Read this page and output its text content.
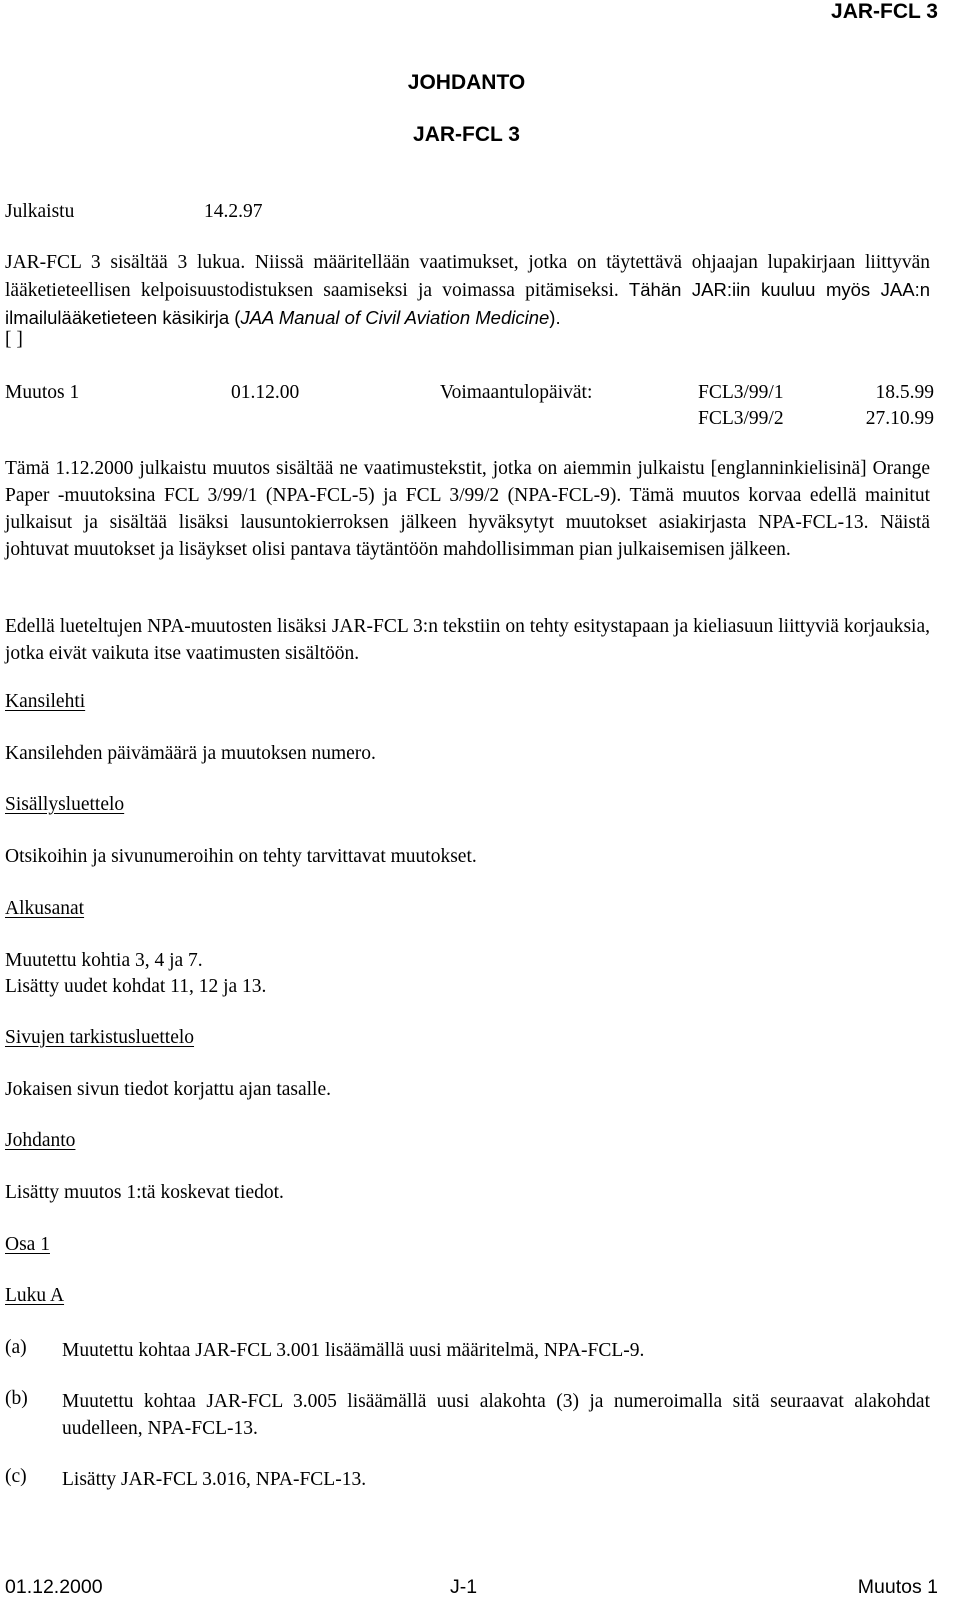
JAR-FCL 3
JOHDANTO
JAR-FCL 3
Julkaistu	14.2.97
JAR-FCL 3 sisältää 3 lukua. Niissä määritellään vaatimukset, jotka on täytettävä ohjaajan lupakirjaan liittyvän lääketieteellisen kelpoisuustodistuksen saamiseksi ja voimassa pitämiseksi. Tähän JAR:iin kuuluu myös JAA:n ilmailulääketieteen käsikirja (JAA Manual of Civil Aviation Medicine).
[ ]
Muutos 1	01.12.00	Voimaantulopäivät:	FCL3/99/1	18.5.99
FCL3/99/2	27.10.99
Tämä 1.12.2000 julkaistu muutos sisältää ne vaatimustekstit, jotka on aiemmin julkaistu [englanninkielisinä] Orange Paper -muutoksina FCL 3/99/1 (NPA-FCL-5) ja FCL 3/99/2 (NPA-FCL-9). Tämä muutos korvaa edellä mainitut julkaisut ja sisältää lisäksi lausuntokierroksen jälkeen hyväksytyt muutokset asiakirjasta NPA-FCL-13. Näistä johtuvat muutokset ja lisäykset olisi pantava täytäntöön mahdollisimman pian julkaisemisen jälkeen.
Edellä lueteltujen NPA-muutosten lisäksi JAR-FCL 3:n tekstiin on tehty esitystapaan ja kieliasuun liittyviä korjauksia, jotka eivät vaikuta itse vaatimusten sisältöön.
Kansilehti
Kansilehden päivämäärä ja muutoksen numero.
Sisällysluettelo
Otsikoihin ja sivunumeroihin on tehty tarvittavat muutokset.
Alkusanat
Muutettu kohtia 3, 4 ja 7.
Lisätty uudet kohdat 11, 12 ja 13.
Sivujen tarkistusluettelo
Jokaisen sivun tiedot korjattu ajan tasalle.
Johdanto
Lisätty muutos 1:tä koskevat tiedot.
Osa 1
Luku A
(a) Muutettu kohtaa JAR-FCL 3.001 lisäämällä uusi määritelmä, NPA-FCL-9.
(b) Muutettu kohtaa JAR-FCL 3.005 lisäämällä uusi alakohta (3) ja numeroimalla sitä seuraavat alakohdat uudelleen, NPA-FCL-13.
(c) Lisätty JAR-FCL 3.016, NPA-FCL-13.
01.12.2000	J-1	Muutos 1
